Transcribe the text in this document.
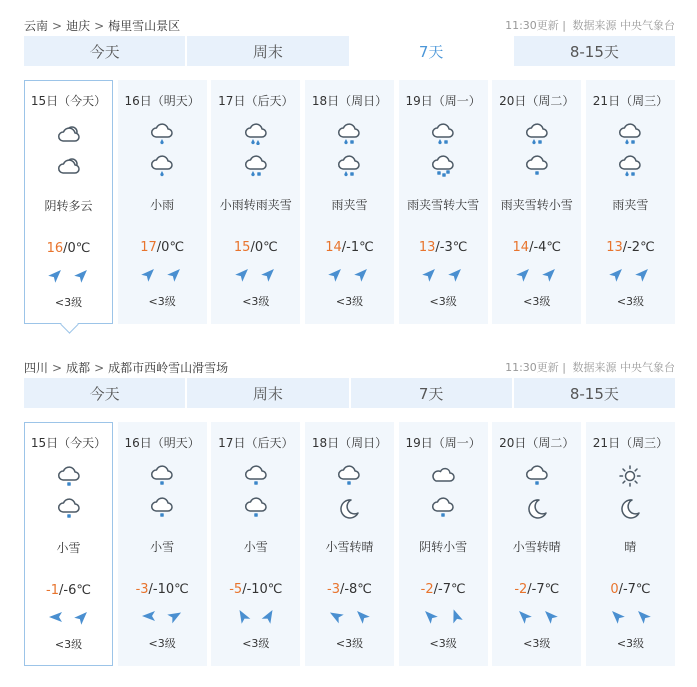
云南 > 迪庆 > 梅里雪山景区	11:30更新 | 数据来源 中央气象台
今天	周末	7天	8-15天
15日（今天）
阴转多云
16/0℃
<3级
16日（明天）
小雨
17/0℃
<3级
17日（后天）
小雨转雨夹雪
15/0℃
<3级
18日（周日）
雨夹雪
14/-1℃
<3级
19日（周一）
雨夹雪转大雪
13/-3℃
<3级
20日（周二）
雨夹雪转小雪
14/-4℃
<3级
21日（周三）
雨夹雪
13/-2℃
<3级
四川 > 成都 > 成都市西岭雪山滑雪场	11:30更新 | 数据来源 中央气象台
今天	周末	7天	8-15天
15日（今天）
小雪
-1/-6℃
<3级
16日（明天）
小雪
-3/-10℃
<3级
17日（后天）
小雪
-5/-10℃
<3级
18日（周日）
小雪转晴
-3/-8℃
<3级
19日（周一）
阴转小雪
-2/-7℃
<3级
20日（周二）
小雪转晴
-2/-7℃
<3级
21日（周三）
晴
0/-7℃
<3级
